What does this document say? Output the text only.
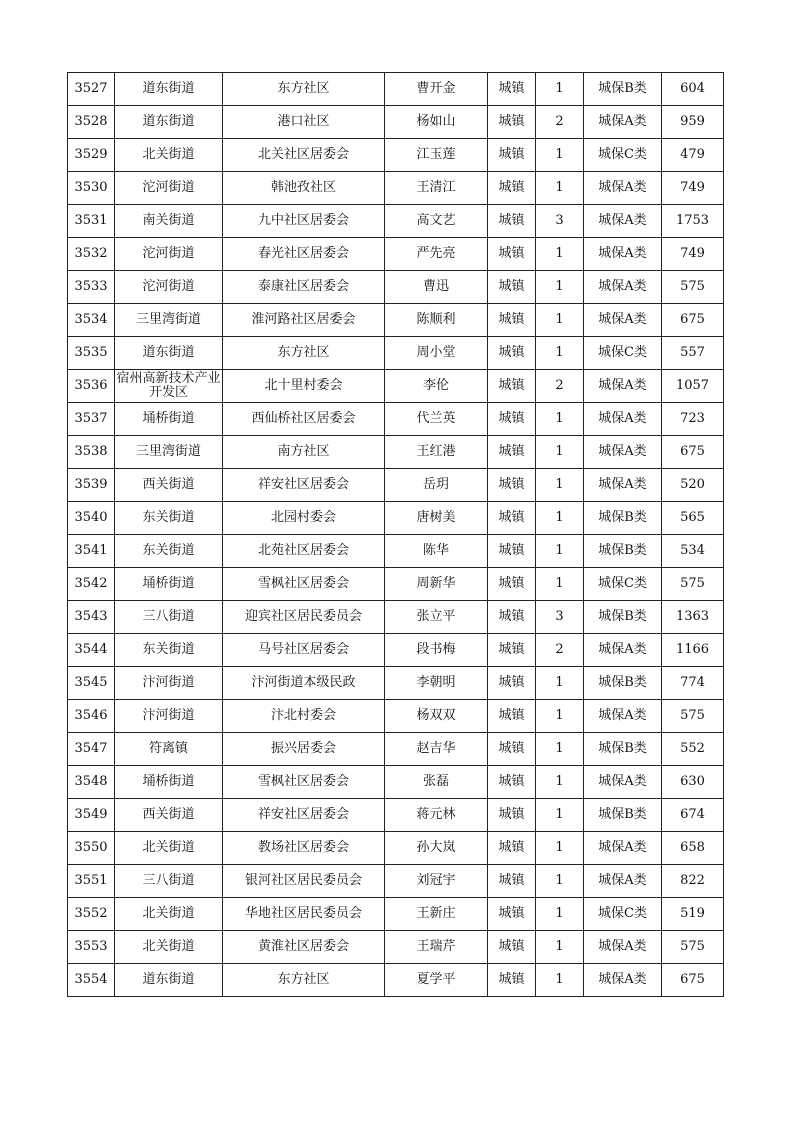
3527	道东街道	东方社区	曹开金	城镇	1	城保B类	604
3528	道东街道	港口社区	杨如山	城镇	2	城保A类	959
3529	北关街道	北关社区居委会	江玉莲	城镇	1	城保C类	479
3530	沱河街道	韩池孜社区	王清江	城镇	1	城保A类	749
3531	南关街道	九中社区居委会	高文艺	城镇	3	城保A类	1753
3532	沱河街道	春光社区居委会	严先亮	城镇	1	城保A类	749
3533	沱河街道	泰康社区居委会	曹迅	城镇	1	城保A类	575
3534	三里湾街道	淮河路社区居委会	陈顺利	城镇	1	城保A类	675
3535	道东街道	东方社区	周小堂	城镇	1	城保C类	557
3536	宿州高新技术产业开发区	北十里村委会	李伦	城镇	2	城保A类	1057
3537	埇桥街道	西仙桥社区居委会	代兰英	城镇	1	城保A类	723
3538	三里湾街道	南方社区	王红港	城镇	1	城保A类	675
3539	西关街道	祥安社区居委会	岳玥	城镇	1	城保A类	520
3540	东关街道	北园村委会	唐树美	城镇	1	城保B类	565
3541	东关街道	北苑社区居委会	陈华	城镇	1	城保B类	534
3542	埇桥街道	雪枫社区居委会	周新华	城镇	1	城保C类	575
3543	三八街道	迎宾社区居民委员会	张立平	城镇	3	城保B类	1363
3544	东关街道	马号社区居委会	段书梅	城镇	2	城保A类	1166
3545	汴河街道	汴河街道本级民政	李朝明	城镇	1	城保B类	774
3546	汴河街道	汴北村委会	杨双双	城镇	1	城保A类	575
3547	符离镇	振兴居委会	赵吉华	城镇	1	城保B类	552
3548	埇桥街道	雪枫社区居委会	张磊	城镇	1	城保A类	630
3549	西关街道	祥安社区居委会	蒋元林	城镇	1	城保B类	674
3550	北关街道	教场社区居委会	孙大岚	城镇	1	城保A类	658
3551	三八街道	银河社区居民委员会	刘冠宇	城镇	1	城保A类	822
3552	北关街道	华地社区居民委员会	王新庄	城镇	1	城保C类	519
3553	北关街道	黄淮社区居委会	王瑞芹	城镇	1	城保A类	575
3554	道东街道	东方社区	夏学平	城镇	1	城保A类	675
